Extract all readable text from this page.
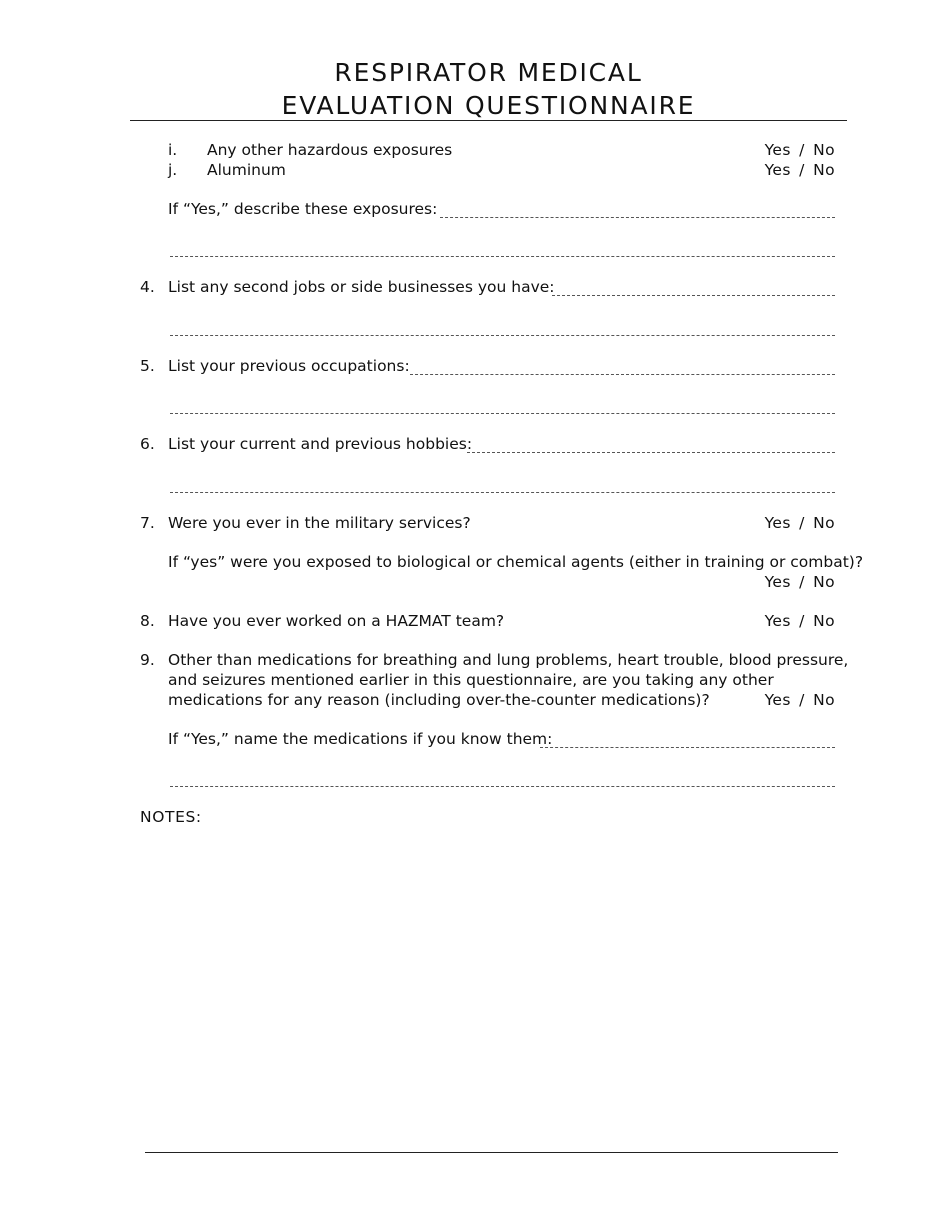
RESPIRATOR MEDICAL
EVALUATION QUESTIONNAIRE
i. Any other hazardous exposures	Yes / No
j. Aluminum	Yes / No
If “Yes,” describe these exposures:
4. List any second jobs or side businesses you have:
5. List your previous occupations:
6. List your current and previous hobbies:
7. Were you ever in the military services?	Yes / No
If “yes” were you exposed to biological or chemical agents (either in training or combat)?
Yes / No
8. Have you ever worked on a HAZMAT team?	Yes / No
9. Other than medications for breathing and lung problems, heart trouble, blood pressure,
and seizures mentioned earlier in this questionnaire, are you taking any other
medications for any reason (including over-the-counter medications)?	Yes / No
If “Yes,” name the medications if you know them:
NOTES:
